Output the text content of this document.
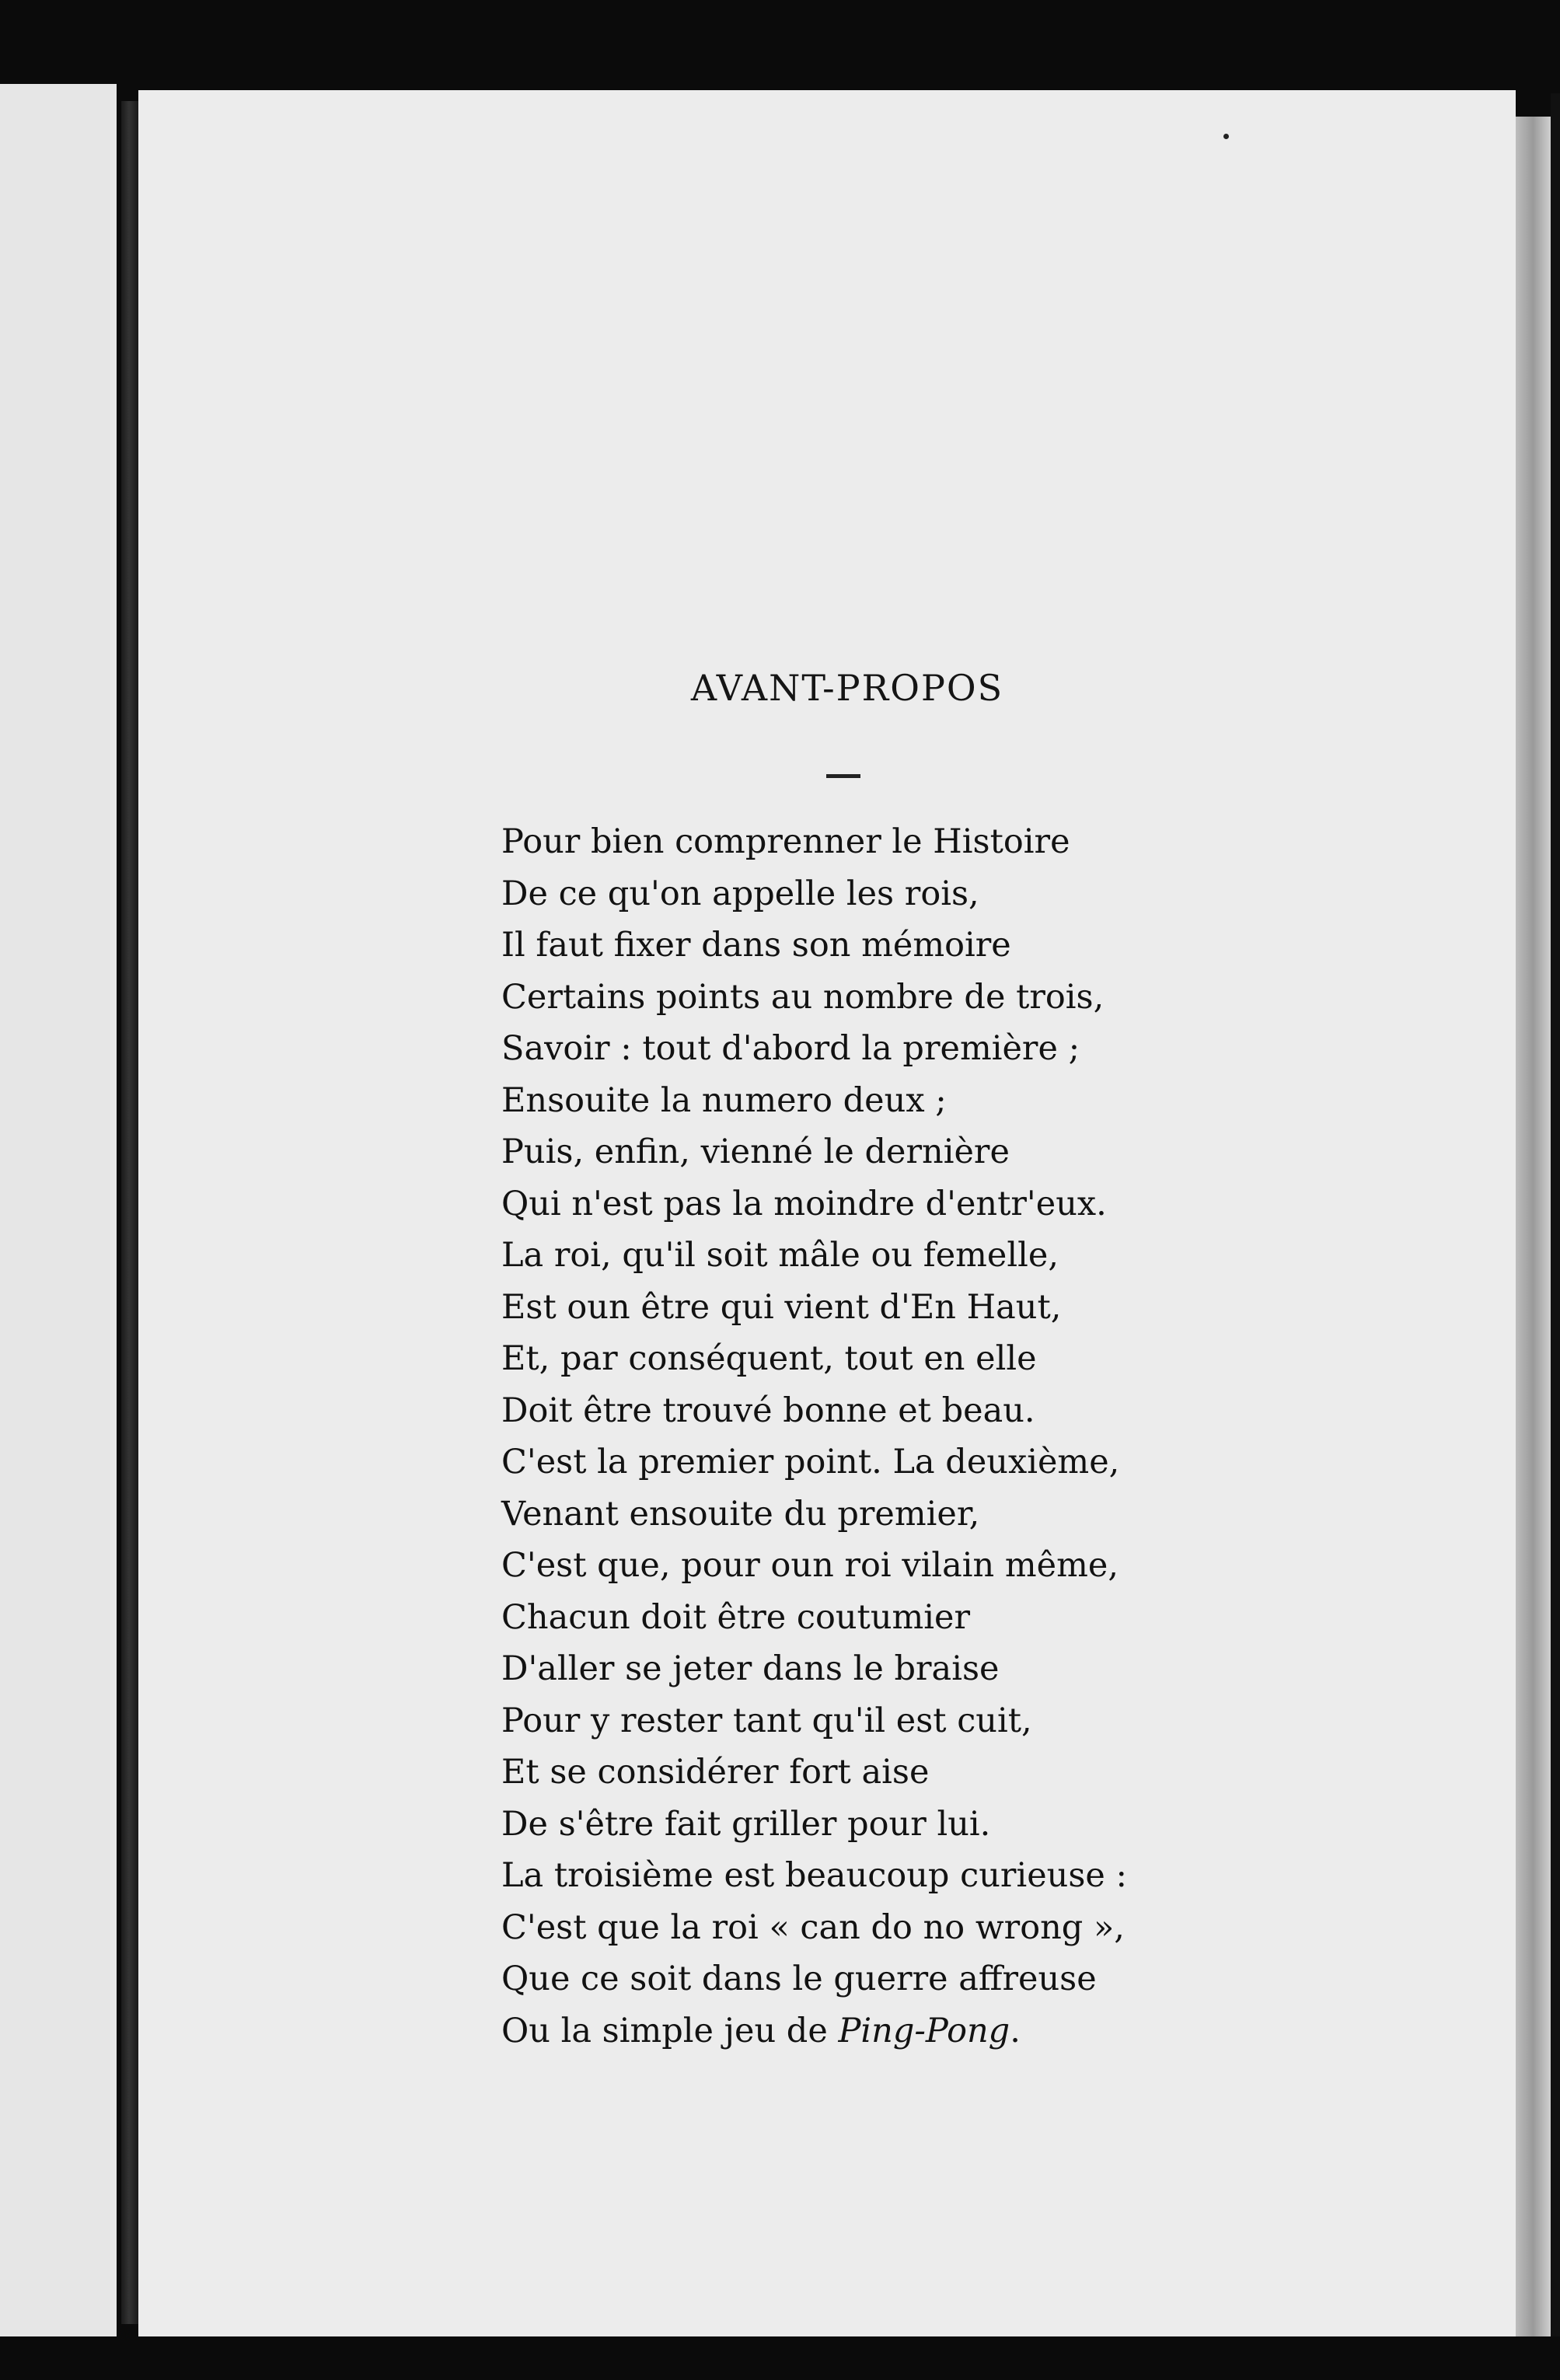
AVANT-PROPOS
Pour bien comprenner le Histoire
De ce qu'on appelle les rois,
Il faut fixer dans son mémoire
Certains points au nombre de trois,
Savoir : tout d'abord la première ;
Ensouite la numero deux ;
Puis, enfin, vienné le dernière
Qui n'est pas la moindre d'entr'eux.
La roi, qu'il soit mâle ou femelle,
Est oun être qui vient d'En Haut,
Et, par conséquent, tout en elle
Doit être trouvé bonne et beau.
C'est la premier point. La deuxième,
Venant ensouite du premier,
C'est que, pour oun roi vilain même,
Chacun doit être coutumier
D'aller se jeter dans le braise
Pour y rester tant qu'il est cuit,
Et se considérer fort aise
De s'être fait griller pour lui.
La troisième est beaucoup curieuse :
C'est que la roi « can do no wrong »,
Que ce soit dans le guerre affreuse
Ou la simple jeu de Ping-Pong.
